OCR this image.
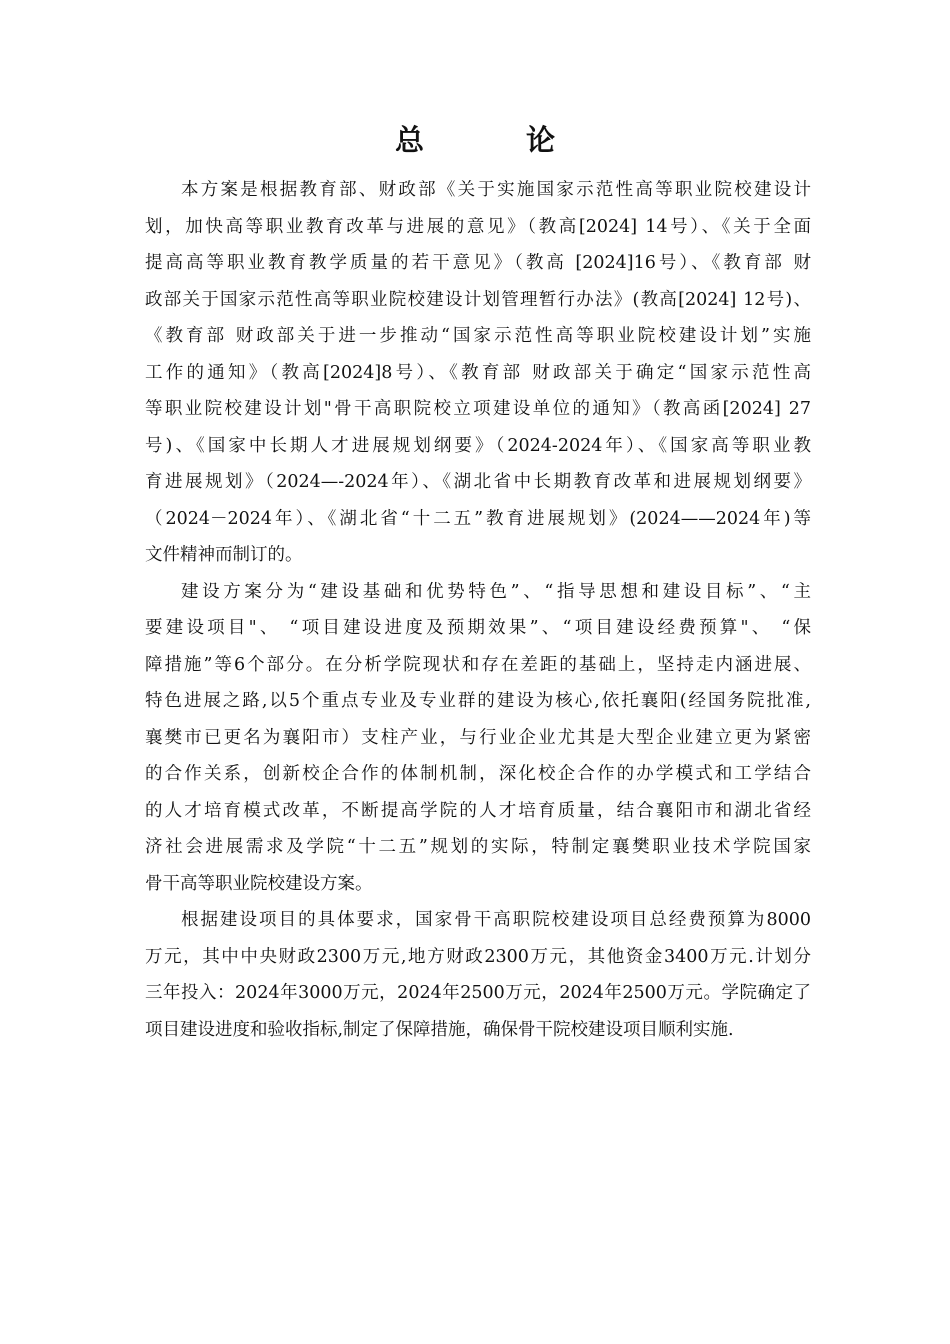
总 论
本方案是根据教育部、财政部《关于实施国家示范性高等职业院校建设计
划，加快高等职业教育改革与进展的意见》（教高[2024] 14号）、《关于全面
提高高等职业教育教学质量的若干意见》（教高 [2024]16号）、《教育部 财
政部关于国家示范性高等职业院校建设计划管理暂行办法》(教高[2024] 12号)、
《教育部 财政部关于进一步推动“国家示范性高等职业院校建设计划”实施
工作的通知》（教高[2024]8号）、《教育部 财政部关于确定“国家示范性高
等职业院校建设计划"骨干高职院校立项建设单位的通知》（教高函[2024] 27
号)、《国家中长期人才进展规划纲要》（2024-2024年）、《国家高等职业教
育进展规划》（2024—-2024年）、《湖北省中长期教育改革和进展规划纲要》
（2024－2024年）、《湖北省“十二五”教育进展规划》(2024——2024年)等
文件精神而制订的。
建设方案分为“建设基础和优势特色”、“指导思想和建设目标”、“主
要建设项目"、 “项目建设进度及预期效果”、“项目建设经费预算"、 “保
障措施”等6个部分。在分析学院现状和存在差距的基础上，坚持走内涵进展、
特色进展之路,以5个重点专业及专业群的建设为核心,依托襄阳(经国务院批准,
襄樊市已更名为襄阳市）支柱产业，与行业企业尤其是大型企业建立更为紧密
的合作关系，创新校企合作的体制机制，深化校企合作的办学模式和工学结合
的人才培育模式改革，不断提高学院的人才培育质量，结合襄阳市和湖北省经
济社会进展需求及学院“十二五”规划的实际，特制定襄樊职业技术学院国家
骨干高等职业院校建设方案。
根据建设项目的具体要求，国家骨干高职院校建设项目总经费预算为8000
万元，其中中央财政2300万元,地方财政2300万元，其他资金3400万元.计划分
三年投入：2024年3000万元，2024年2500万元，2024年2500万元。学院确定了
项目建设进度和验收指标,制定了保障措施，确保骨干院校建设项目顺利实施.
